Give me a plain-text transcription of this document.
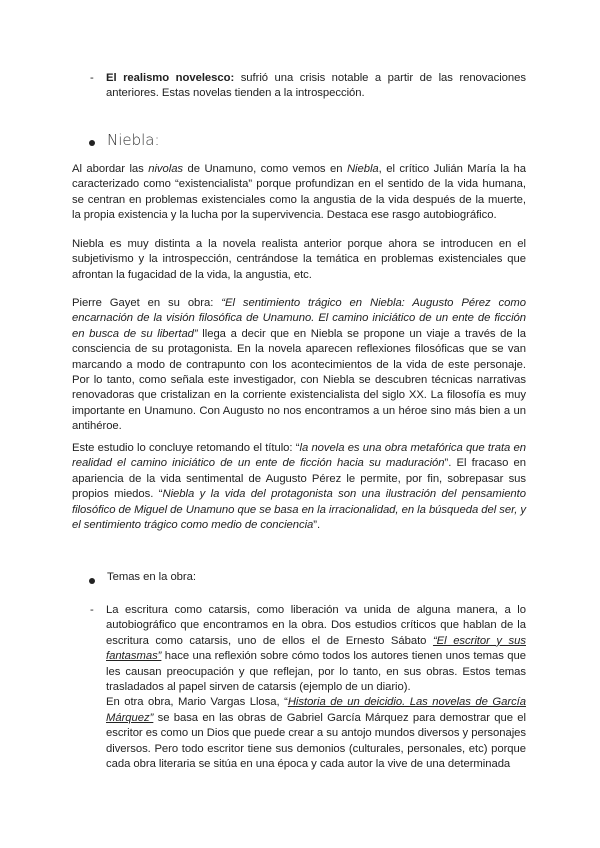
- El realismo novelesco: sufrió una crisis notable a partir de las renovaciones anteriores. Estas novelas tienden a la introspección.

Niebla:

Al abordar las nivolas de Unamuno, como vemos en Niebla, el crítico Julián María la ha caracterizado como “existencialista” porque profundizan en el sentido de la vida humana, se centran en problemas existenciales como la angustia de la vida después de la muerte, la propia existencia y la lucha por la supervivencia. Destaca ese rasgo autobiográfico.

Niebla es muy distinta a la novela realista anterior porque ahora se introducen en el subjetivismo y la introspección, centrándose la temática en problemas existenciales que afrontan la fugacidad de la vida, la angustia, etc.

Pierre Gayet en su obra: “El sentimiento trágico en Niebla: Augusto Pérez como encarnación de la visión filosófica de Unamuno. El camino iniciático de un ente de ficción en busca de su libertad” llega a decir que en Niebla se propone un viaje a través de la consciencia de su protagonista. En la novela aparecen reflexiones filosóficas que se van marcando a modo de contrapunto con los acontecimientos de la vida de este personaje. Por lo tanto, como señala este investigador, con Niebla se descubren técnicas narrativas renovadoras que cristalizan en la corriente existencialista del siglo XX. La filosofía es muy importante en Unamuno. Con Augusto no nos encontramos a un héroe sino más bien a un antihéroe.

Este estudio lo concluye retomando el título: “la novela es una obra metafórica que trata en realidad el camino iniciático de un ente de ficción hacia su maduración”. El fracaso en apariencia de la vida sentimental de Augusto Pérez le permite, por fin, sobrepasar sus propios miedos. “Niebla y la vida del protagonista son una ilustración del pensamiento filosófico de Miguel de Unamuno que se basa en la irracionalidad, en la búsqueda del ser, y el sentimiento trágico como medio de conciencia”.

Temas en la obra:

- La escritura como catarsis, como liberación va unida de alguna manera, a lo autobiográfico que encontramos en la obra. Dos estudios críticos que hablan de la escritura como catarsis, uno de ellos el de Ernesto Sábato “El escritor y sus fantasmas” hace una reflexión sobre cómo todos los autores tienen unos temas que les causan preocupación y que reflejan, por lo tanto, en sus obras. Estos temas trasladados al papel sirven de catarsis (ejemplo de un diario).
En otra obra, Mario Vargas Llosa, “Historia de un deicidio. Las novelas de García Márquez” se basa en las obras de Gabriel García Márquez para demostrar que el escritor es como un Dios que puede crear a su antojo mundos diversos y personajes diversos. Pero todo escritor tiene sus demonios (culturales, personales, etc) porque cada obra literaria se sitúa en una época y cada autor la vive de una determinada
